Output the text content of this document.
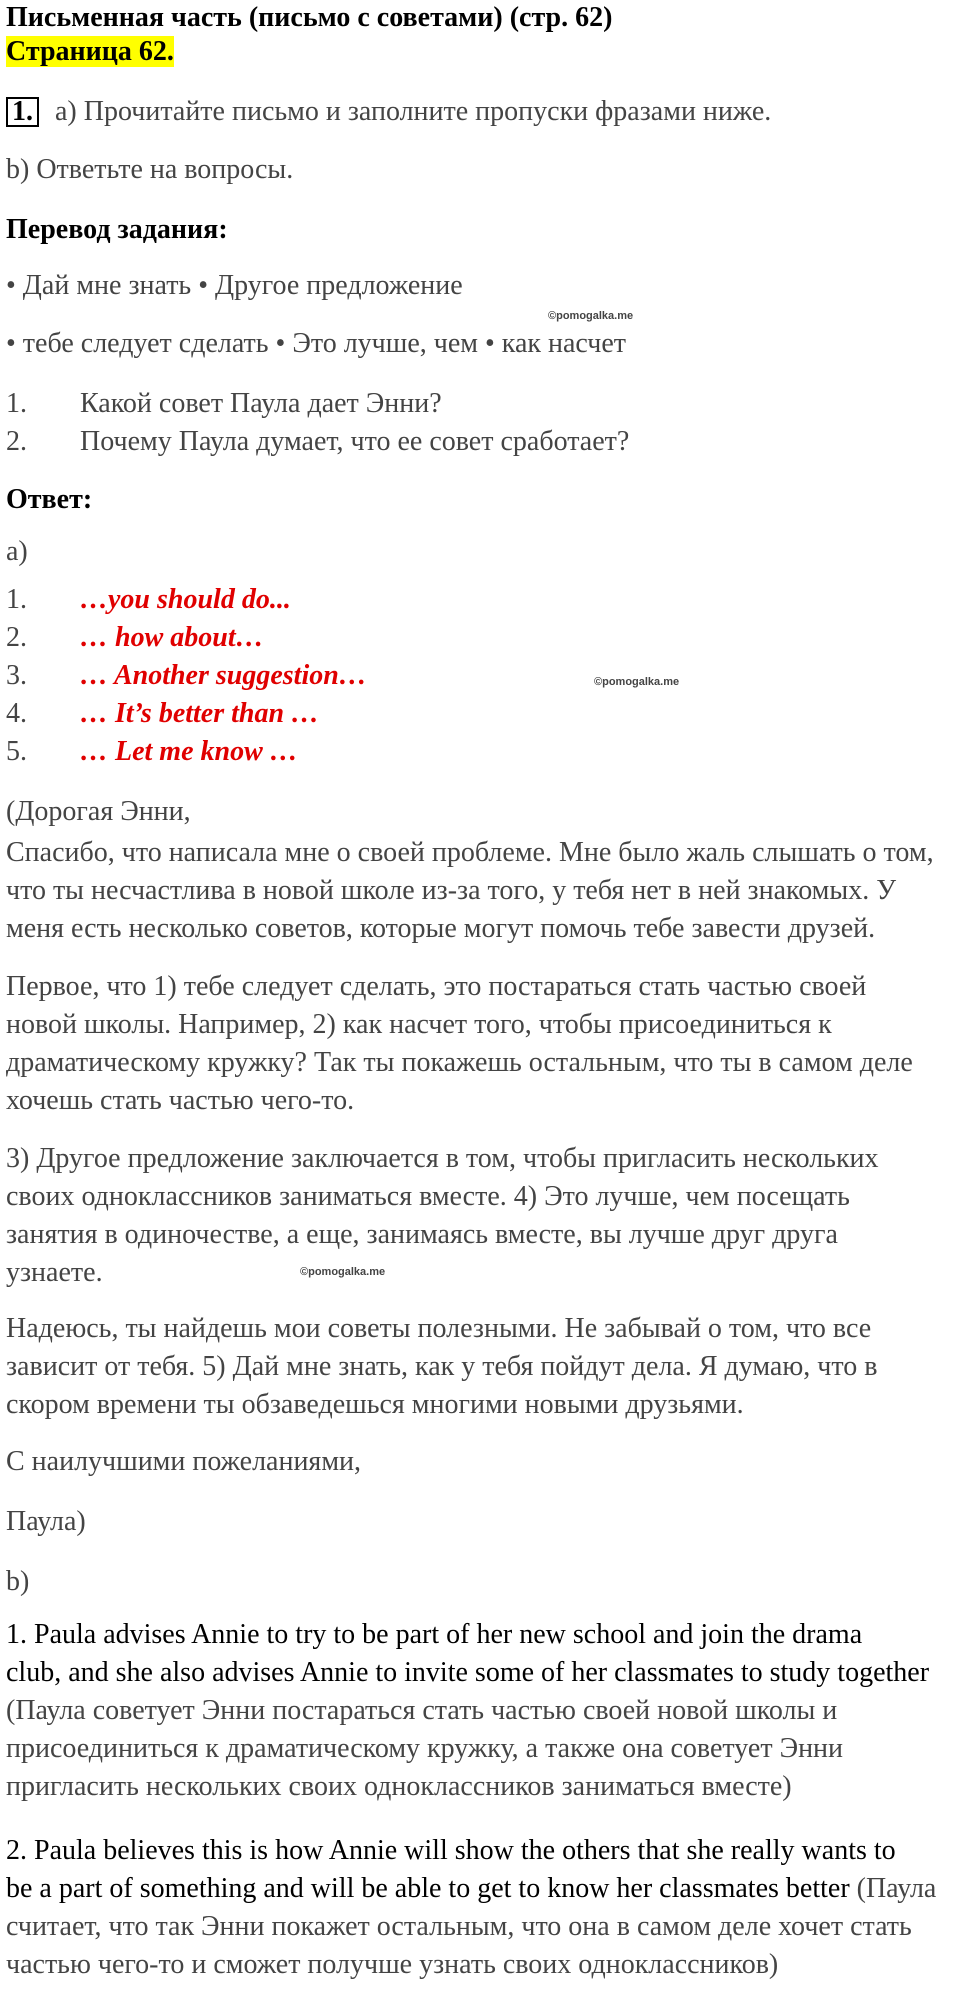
Письменная часть (письмо с советами) (стр. 62)
Страница 62.
1. a) Прочитайте письмо и заполните пропуски фразами ниже.
b) Ответьте на вопросы.
Перевод задания:
• Дай мне знать • Другое предложение
©pomogalka.me
• тебе следует сделать • Это лучше, чем • как насчет
1. Какой совет Паула дает Энни?
2. Почему Паула думает, что ее совет сработает?
Ответ:
a)
1. …you should do...
2. … how about…
3. … Another suggestion…	©pomogalka.me
4. … It’s better than …
5. … Let me know …
(Дорогая Энни,
Спасибо, что написала мне о своей проблеме. Мне было жаль слышать о том,
что ты несчастлива в новой школе из-за того, у тебя нет в ней знакомых. У
меня есть несколько советов, которые могут помочь тебе завести друзей.
Первое, что 1) тебе следует сделать, это постараться стать частью своей
новой школы. Например, 2) как насчет того, чтобы присоединиться к
драматическому кружку? Так ты покажешь остальным, что ты в самом деле
хочешь стать частью чего-то.
3) Другое предложение заключается в том, чтобы пригласить нескольких
своих одноклассников заниматься вместе. 4) Это лучше, чем посещать
занятия в одиночестве, а еще, занимаясь вместе, вы лучше друг друга
узнаете.	©pomogalka.me
Надеюсь, ты найдешь мои советы полезными. Не забывай о том, что все
зависит от тебя. 5) Дай мне знать, как у тебя пойдут дела. Я думаю, что в
скором времени ты обзаведешься многими новыми друзьями.
С наилучшими пожеланиями,
Паула)
b)
1. Paula advises Annie to try to be part of her new school and join the drama
club, and she also advises Annie to invite some of her classmates to study together
(Паула советует Энни постараться стать частью своей новой школы и
присоединиться к драматическому кружку, а также она советует Энни
пригласить нескольких своих одноклассников заниматься вместе)
2. Paula believes this is how Annie will show the others that she really wants to
be a part of something and will be able to get to know her classmates better (Паула
считает, что так Энни покажет остальным, что она в самом деле хочет стать
частью чего-то и сможет получше узнать своих одноклассников)
